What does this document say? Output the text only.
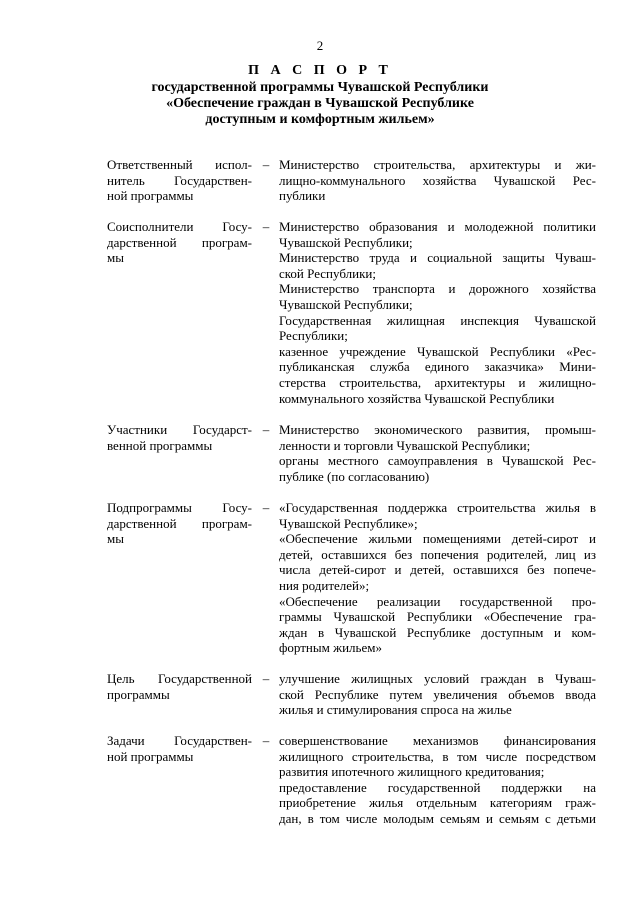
2
П А С П О Р Т
государственной программы Чувашской Республики
«Обеспечение граждан в Чувашской Республике
доступным и комфортным жильем»
Ответственный испол-
нитель Государствен-
ной программы
– Министерство строительства, архитектуры и жи-
лищно-коммунального хозяйства Чувашской Рес-
публики
Соисполнители Госу-
дарственной програм-
мы
– Министерство образования и молодежной политики
Чувашской Республики;
Министерство труда и социальной защиты Чуваш-
ской Республики;
Министерство транспорта и дорожного хозяйства
Чувашской Республики;
Государственная жилищная инспекция Чувашской
Республики;
казенное учреждение Чувашской Республики «Рес-
публиканская служба единого заказчика» Мини-
стерства строительства, архитектуры и жилищно-
коммунального хозяйства Чувашской Республики
Участники Государст-
венной программы
– Министерство экономического развития, промыш-
ленности и торговли Чувашской Республики;
органы местного самоуправления в Чувашской Рес-
публике (по согласованию)
Подпрограммы Госу-
дарственной програм-
мы
– «Государственная поддержка строительства жилья в
Чувашской Республике»;
«Обеспечение жильми помещениями детей-сирот и
детей, оставшихся без попечения родителей, лиц из
числа детей-сирот и детей, оставшихся без попече-
ния родителей»;
«Обеспечение реализации государственной про-
граммы Чувашской Республики «Обеспечение гра-
ждан в Чувашской Республике доступным и ком-
фортным жильем»
Цель Государственной
программы
– улучшение жилищных условий граждан в Чуваш-
ской Республике путем увеличения объемов ввода
жилья и стимулирования спроса на жилье
Задачи Государствен-
ной программы
– совершенствование механизмов финансирования
жилищного строительства, в том числе посредством
развития ипотечного жилищного кредитования;
предоставление государственной поддержки на
приобретение жилья отдельным категориям граж-
дан, в том числе молодым семьям и семьям с детьми
